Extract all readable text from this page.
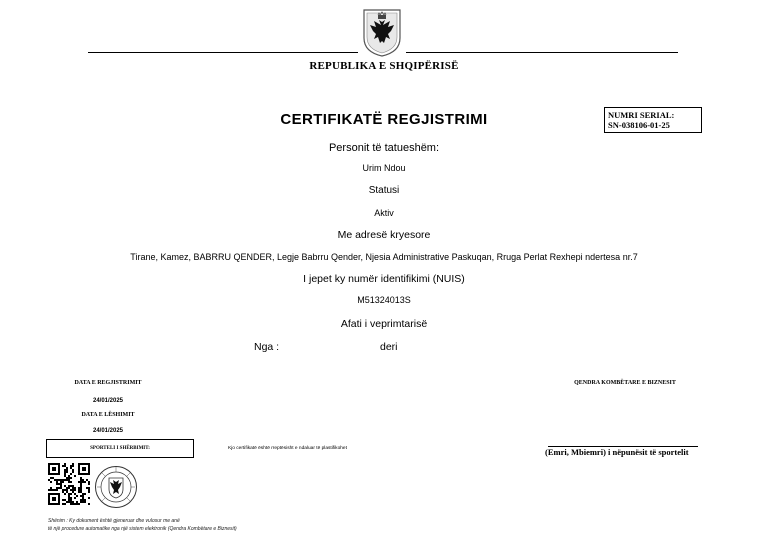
REPUBLIKA E SHQIPËRISË
CERTIFIKATË REGJISTRIMI	NUMRI SERIAL:
SN-038106-01-25
Personit të tatueshëm:
Urim Ndou
Statusi
Aktiv
Me adresë kryesore
Tirane, Kamez, BABRRU QENDER, Legje Babrru Qender, Njesia Administrative Paskuqan, Rruga Perlat Rexhepi ndertesa nr.7
I jepet ky numër identifikimi (NUIS)
M51324013S
Afati i veprimtarisë
Nga :	deri
DATA E REGJISTRIMIT
24/01/2025
DATA E LËSHIMIT
24/01/2025
QENDRA KOMBËTARE E BIZNESIT
SPORTELI I SHËRBIMIT:	Kjo certifikatë është rreptësisht e ndaluar të plastifikohet	(Emri, Mbiemri) i nëpunësit të sportelit
Shënim : Ky dokument është gjeneruar dhe vulosur me anë
të një procedure automatike nga një sistem elektronik (Qendra Kombëtare e Biznesit)
